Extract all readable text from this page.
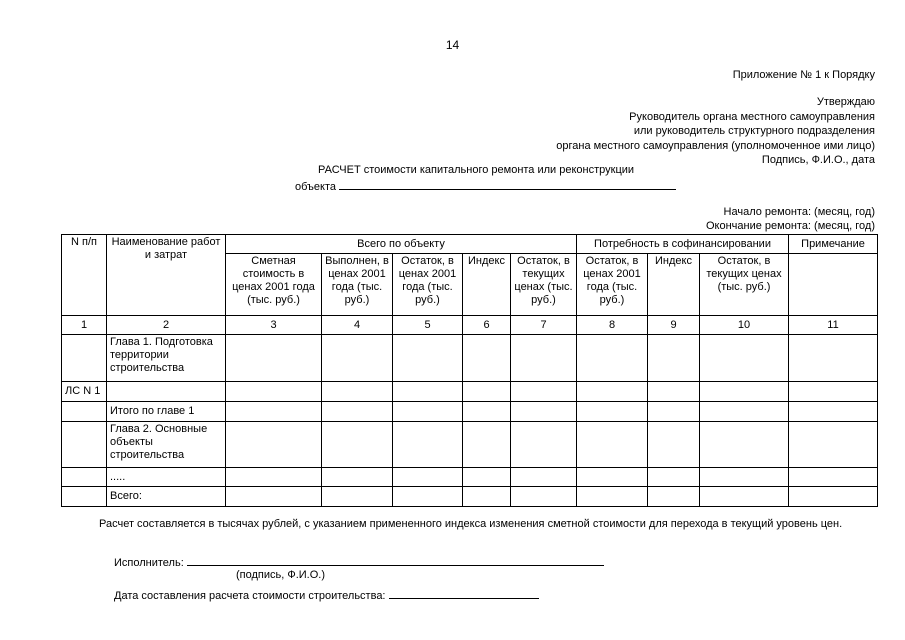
14
Приложение № 1 к Порядку
Утверждаю
Руководитель органа местного самоуправления
или руководитель структурного подразделения
органа местного самоуправления (уполномоченное ими лицо)
Подпись, Ф.И.О., дата
РАСЧЕТ стоимости капитального ремонта или реконструкции
объекта
Начало ремонта: (месяц, год)
Окончание ремонта: (месяц, год)
N п/п	Наименование работ и затрат	Всего по объекту					Потребность в софинансировании			Примечание
		Сметная стоимость в ценах 2001 года (тыс. руб.)	Выполнен, в ценах 2001 года (тыс. руб.)	Остаток, в ценах 2001 года (тыс. руб.)	Индекс	Остаток, в текущих ценах (тыс. руб.)	Остаток, в ценах 2001 года (тыс. руб.)	Индекс	Остаток, в текущих ценах (тыс. руб.)	
1	2	3	4	5	6	7	8	9	10	11
	Глава 1. Подготовка территории строительства									
ЛС N 1										
	Итого по главе 1									
	Глава 2. Основные объекты строительства									
	.....									
	Всего:									
Расчет составляется в тысячах рублей, с указанием примененного индекса изменения сметной стоимости для перехода в текущий уровень цен.
Исполнитель:
(подпись, Ф.И.О.)
Дата составления расчета стоимости строительства:
